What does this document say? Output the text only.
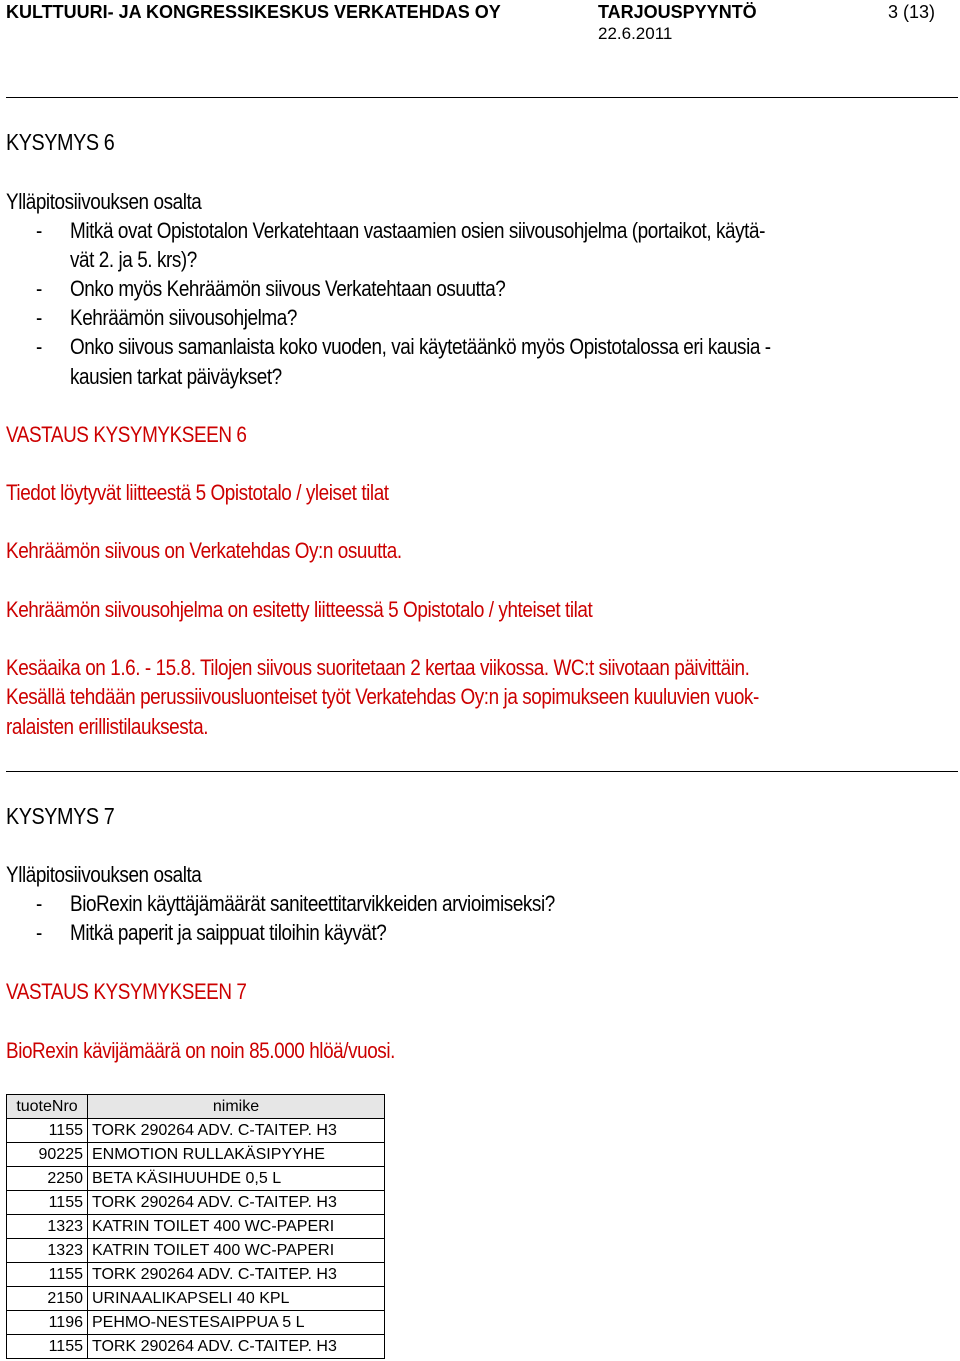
KULTTUURI- JA KONGRESSIKESKUS VERKATEHDAS OY	TARJOUSPYYNTÖ	3 (13)
22.6.2011
KYSYMYS 6
Ylläpitosiivouksen osalta
- Mitkä ovat Opistotalon Verkatehtaan vastaamien osien siivousohjelma (portaikot, käytä-
vät 2. ja 5. krs)?
- Onko myös Kehräämön siivous Verkatehtaan osuutta?
- Kehräämön siivousohjelma?
- Onko siivous samanlaista koko vuoden, vai käytetäänkö myös Opistotalossa eri kausia -
kausien tarkat päiväykset?
VASTAUS KYSYMYKSEEN 6
Tiedot löytyvät liitteestä 5 Opistotalo / yleiset tilat
Kehräämön siivous on Verkatehdas Oy:n osuutta.
Kehräämön siivousohjelma on esitetty liitteessä 5 Opistotalo / yhteiset tilat
Kesäaika on 1.6. - 15.8. Tilojen siivous suoritetaan 2 kertaa viikossa. WC:t siivotaan päivittäin.
Kesällä tehdään perussiivousluonteiset työt Verkatehdas Oy:n ja sopimukseen kuuluvien vuok-
ralaisten erillistilauksesta.
KYSYMYS 7
Ylläpitosiivouksen osalta
- BioRexin käyttäjämäärät saniteettitarvikkeiden arvioimiseksi?
- Mitkä paperit ja saippuat tiloihin käyvät?
VASTAUS KYSYMYKSEEN 7
BioRexin kävijämäärä on noin 85.000 hlöä/vuosi.
tuoteNro	nimike
1155	TORK 290264 ADV. C-TAITEP. H3
90225	ENMOTION RULLAKÄSIPYYHE
2250	BETA KÄSIHUUHDE 0,5 L
1155	TORK 290264 ADV. C-TAITEP. H3
1323	KATRIN TOILET 400 WC-PAPERI
1323	KATRIN TOILET 400 WC-PAPERI
1155	TORK 290264 ADV. C-TAITEP. H3
2150	URINAALIKAPSELI 40 KPL
1196	PEHMO-NESTESAIPPUA 5 L
1155	TORK 290264 ADV. C-TAITEP. H3
